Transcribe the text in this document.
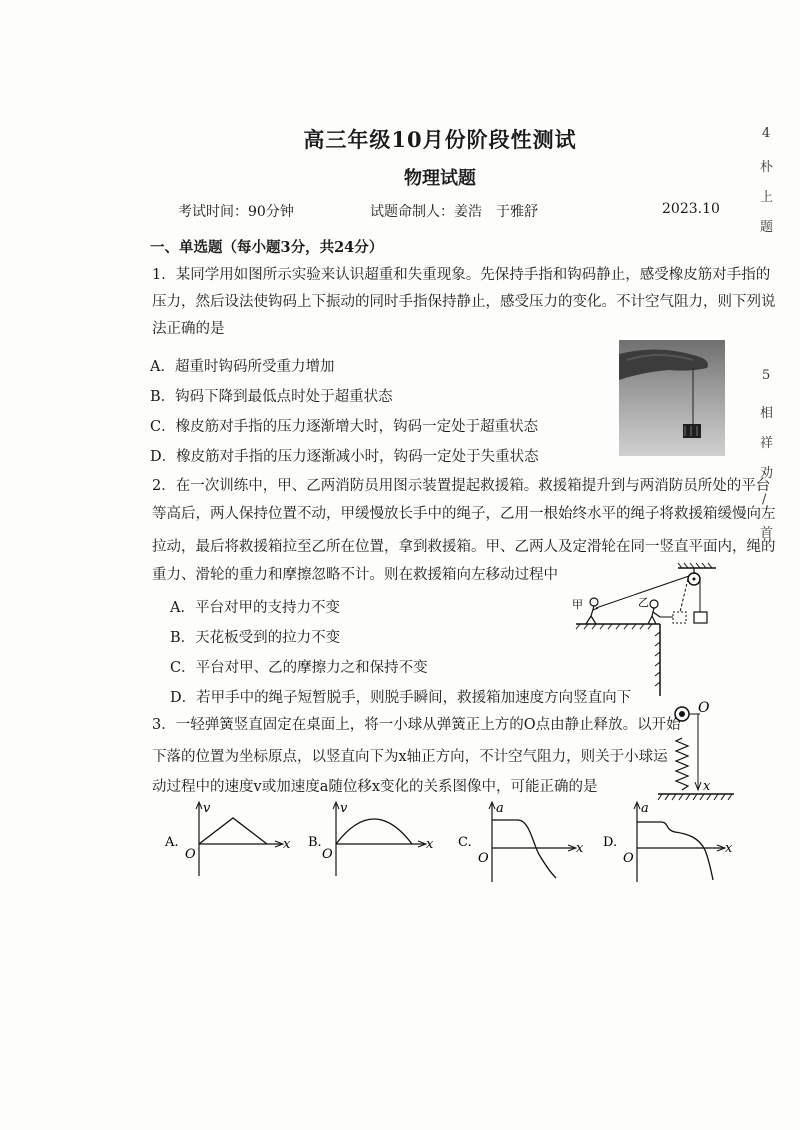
高三年级10月份阶段性测试
物理试题
考试时间：90分钟	试题命制人：姜浩　于雅舒	2023.10
一、单选题（每小题3分，共24分）
1．某同学用如图所示实验来认识超重和失重现象。先保持手指和钩码静止，感受橡皮筋对手指的
压力，然后设法使钩码上下振动的同时手指保持静止，感受压力的变化。不计空气阻力，则下列说
法正确的是
A．超重时钩码所受重力增加
B．钩码下降到最低点时处于超重状态
C．橡皮筋对手指的压力逐渐增大时，钩码一定处于超重状态
D．橡皮筋对手指的压力逐渐减小时，钩码一定处于失重状态
2．在一次训练中，甲、乙两消防员用图示装置提起救援箱。救援箱提升到与两消防员所处的平台
等高后，两人保持位置不动，甲缓慢放长手中的绳子，乙用一根始终水平的绳子将救援箱缓慢向左
拉动，最后将救援箱拉至乙所在位置，拿到救援箱。甲、乙两人及定滑轮在同一竖直平面内，绳的
重力、滑轮的重力和摩擦忽略不计。则在救援箱向左移动过程中
A．平台对甲的支持力不变
B．天花板受到的拉力不变
C．平台对甲、乙的摩擦力之和保持不变
D．若甲手中的绳子短暂脱手，则脱手瞬间，救援箱加速度方向竖直向下
甲	乙
3．一轻弹簧竖直固定在桌面上，将一小球从弹簧正上方的O点由静止释放。以开始
下落的位置为坐标原点，以竖直向下为x轴正方向，不计空气阻力，则关于小球运
动过程中的速度v或加速度a随位移x变化的关系图像中，可能正确的是
O
x
A.
v
O
x B.
v
O
x C.
a
O
x D.
a
O
x
4
朴
上
题
5
相
祥
劝
/
首
